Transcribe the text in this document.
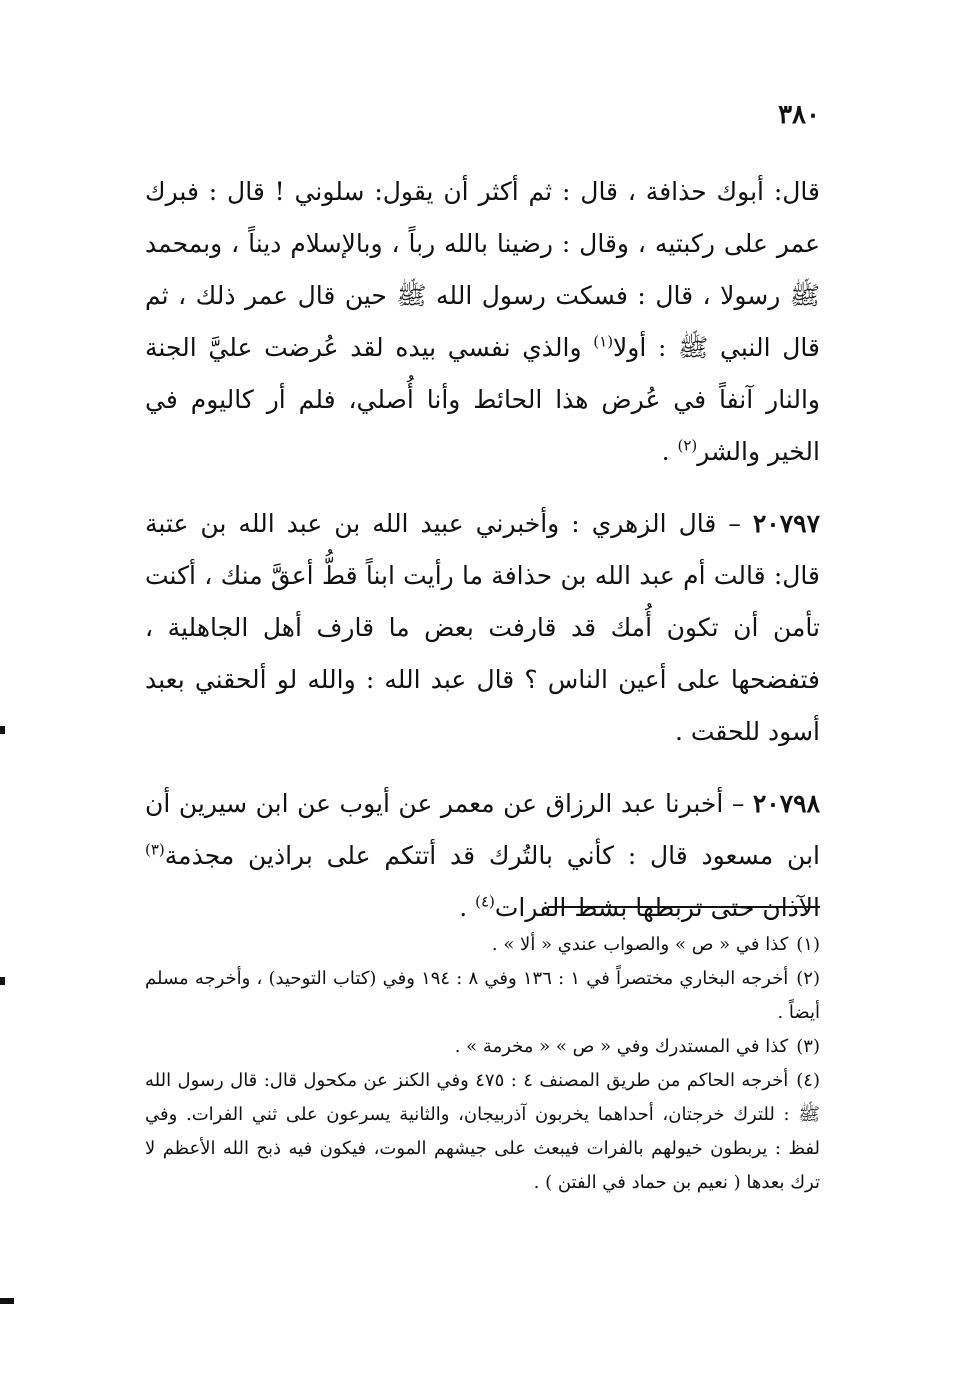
٣٨٠

قال: أبوك حذافة ، قال : ثم أكثر أن يقول: سلوني ! قال : فبرك عمر على ركبتيه ، وقال : رضينا بالله رباً ، وبالإسلام ديناً ، وبمحمد ﷺ رسولا ، قال : فسكت رسول الله ﷺ حين قال عمر ذلك ، ثم قال النبي ﷺ : أولا$^{(١)}$ والذي نفسي بيده لقد عُرضت عليَّ الجنة والنار آنفاً في عُرض هذا الحائط وأنا أُصلي، فلم أر كاليوم في الخير والشر$^{(٢)}$ .

٢٠٧٩٧ – قال الزهري : وأخبرني عبيد الله بن عبد الله بن عتبة قال: قالت أم عبد الله بن حذافة ما رأيت ابناً قطُّ أعقَّ منك ، أكنت تأمن أن تكون أُمك قد قارفت بعض ما قارف أهل الجاهلية ، فتفضحها على أعين الناس ؟ قال عبد الله : والله لو ألحقني بعبد أسود للحقت .

٢٠٧٩٨ – أخبرنا عبد الرزاق عن معمر عن أيوب عن ابن سيرين أن ابن مسعود قال : كأني بالتُرك قد أتتكم على براذين مجذمة$^{(٣)}$ الآذان حتى تربطها بشط الفرات$^{(٤)}$ .

(١)كذا في « ص » والصواب عندي « ألا » .

(٢)أخرجه البخاري مختصراً في ١ : ١٣٦ وفي ٨ : ١٩٤ وفي (كتاب التوحيد) ، وأخرجه مسلم أيضاً .

(٣)كذا في المستدرك وفي « ص » « مخرمة » .

(٤)أخرجه الحاكم من طريق المصنف ٤ : ٤٧٥ وفي الكنز عن مكحول قال: قال رسول الله ﷺ : للترك خرجتان، أحداهما يخربون آذربيجان، والثانية يسرعون على ثني الفرات. وفي لفظ : يربطون خيولهم بالفرات فيبعث على جيشهم الموت، فيكون فيه ذبح الله الأعظم لا ترك بعدها ( نعيم بن حماد في الفتن ) .
